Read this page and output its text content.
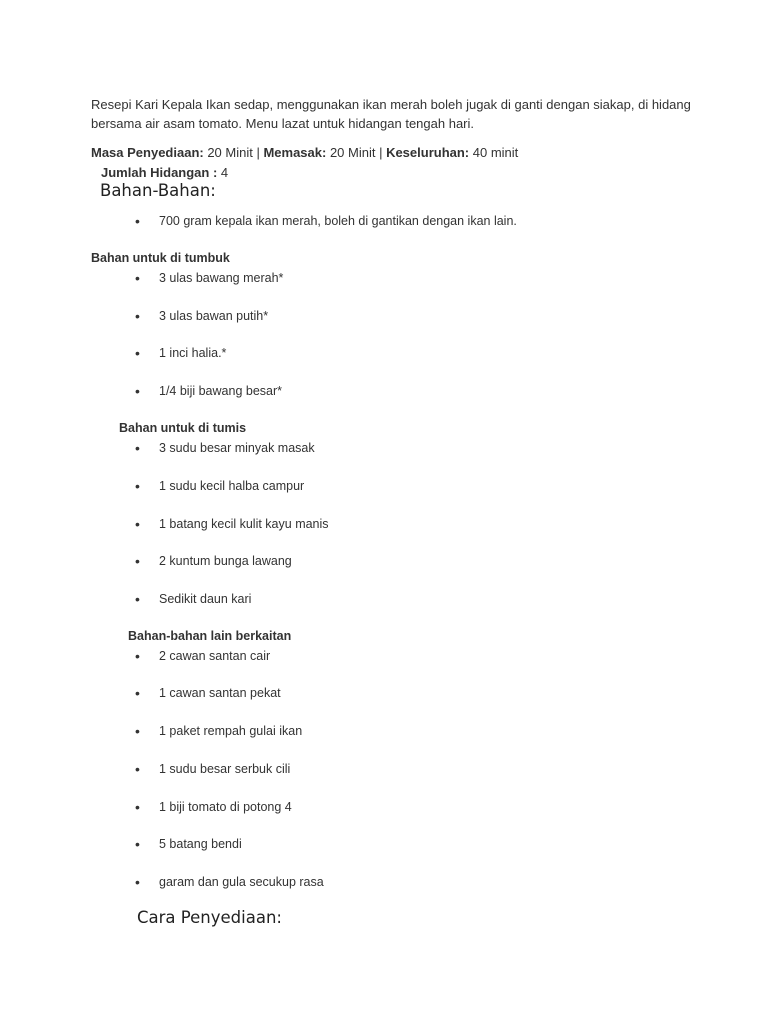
Resepi Kari Kepala Ikan sedap, menggunakan ikan merah boleh jugak di ganti dengan siakap, di hidang bersama air asam tomato. Menu lazat untuk hidangan tengah hari.

Masa Penyediaan: 20 Minit | Memasak: 20 Minit | Keseluruhan: 40 minit
Jumlah Hidangan : 4
Bahan-Bahan:
•	700 gram kepala ikan merah, boleh di gantikan dengan ikan lain.
Bahan untuk di tumbuk
•	3 ulas bawang merah*
•	3 ulas bawan putih*
•	1 inci halia.*
•	1/4 biji bawang besar*
Bahan untuk di tumis
•	3 sudu besar minyak masak
•	1 sudu kecil halba campur
•	1 batang kecil kulit kayu manis
•	2 kuntum bunga lawang
•	Sedikit daun kari
Bahan-bahan lain berkaitan
•	2 cawan santan cair
•	1 cawan santan pekat
•	1 paket rempah gulai ikan
•	1 sudu besar serbuk cili
•	1 biji tomato di potong 4
•	5 batang bendi
•	garam dan gula secukup rasa
Cara Penyediaan:
